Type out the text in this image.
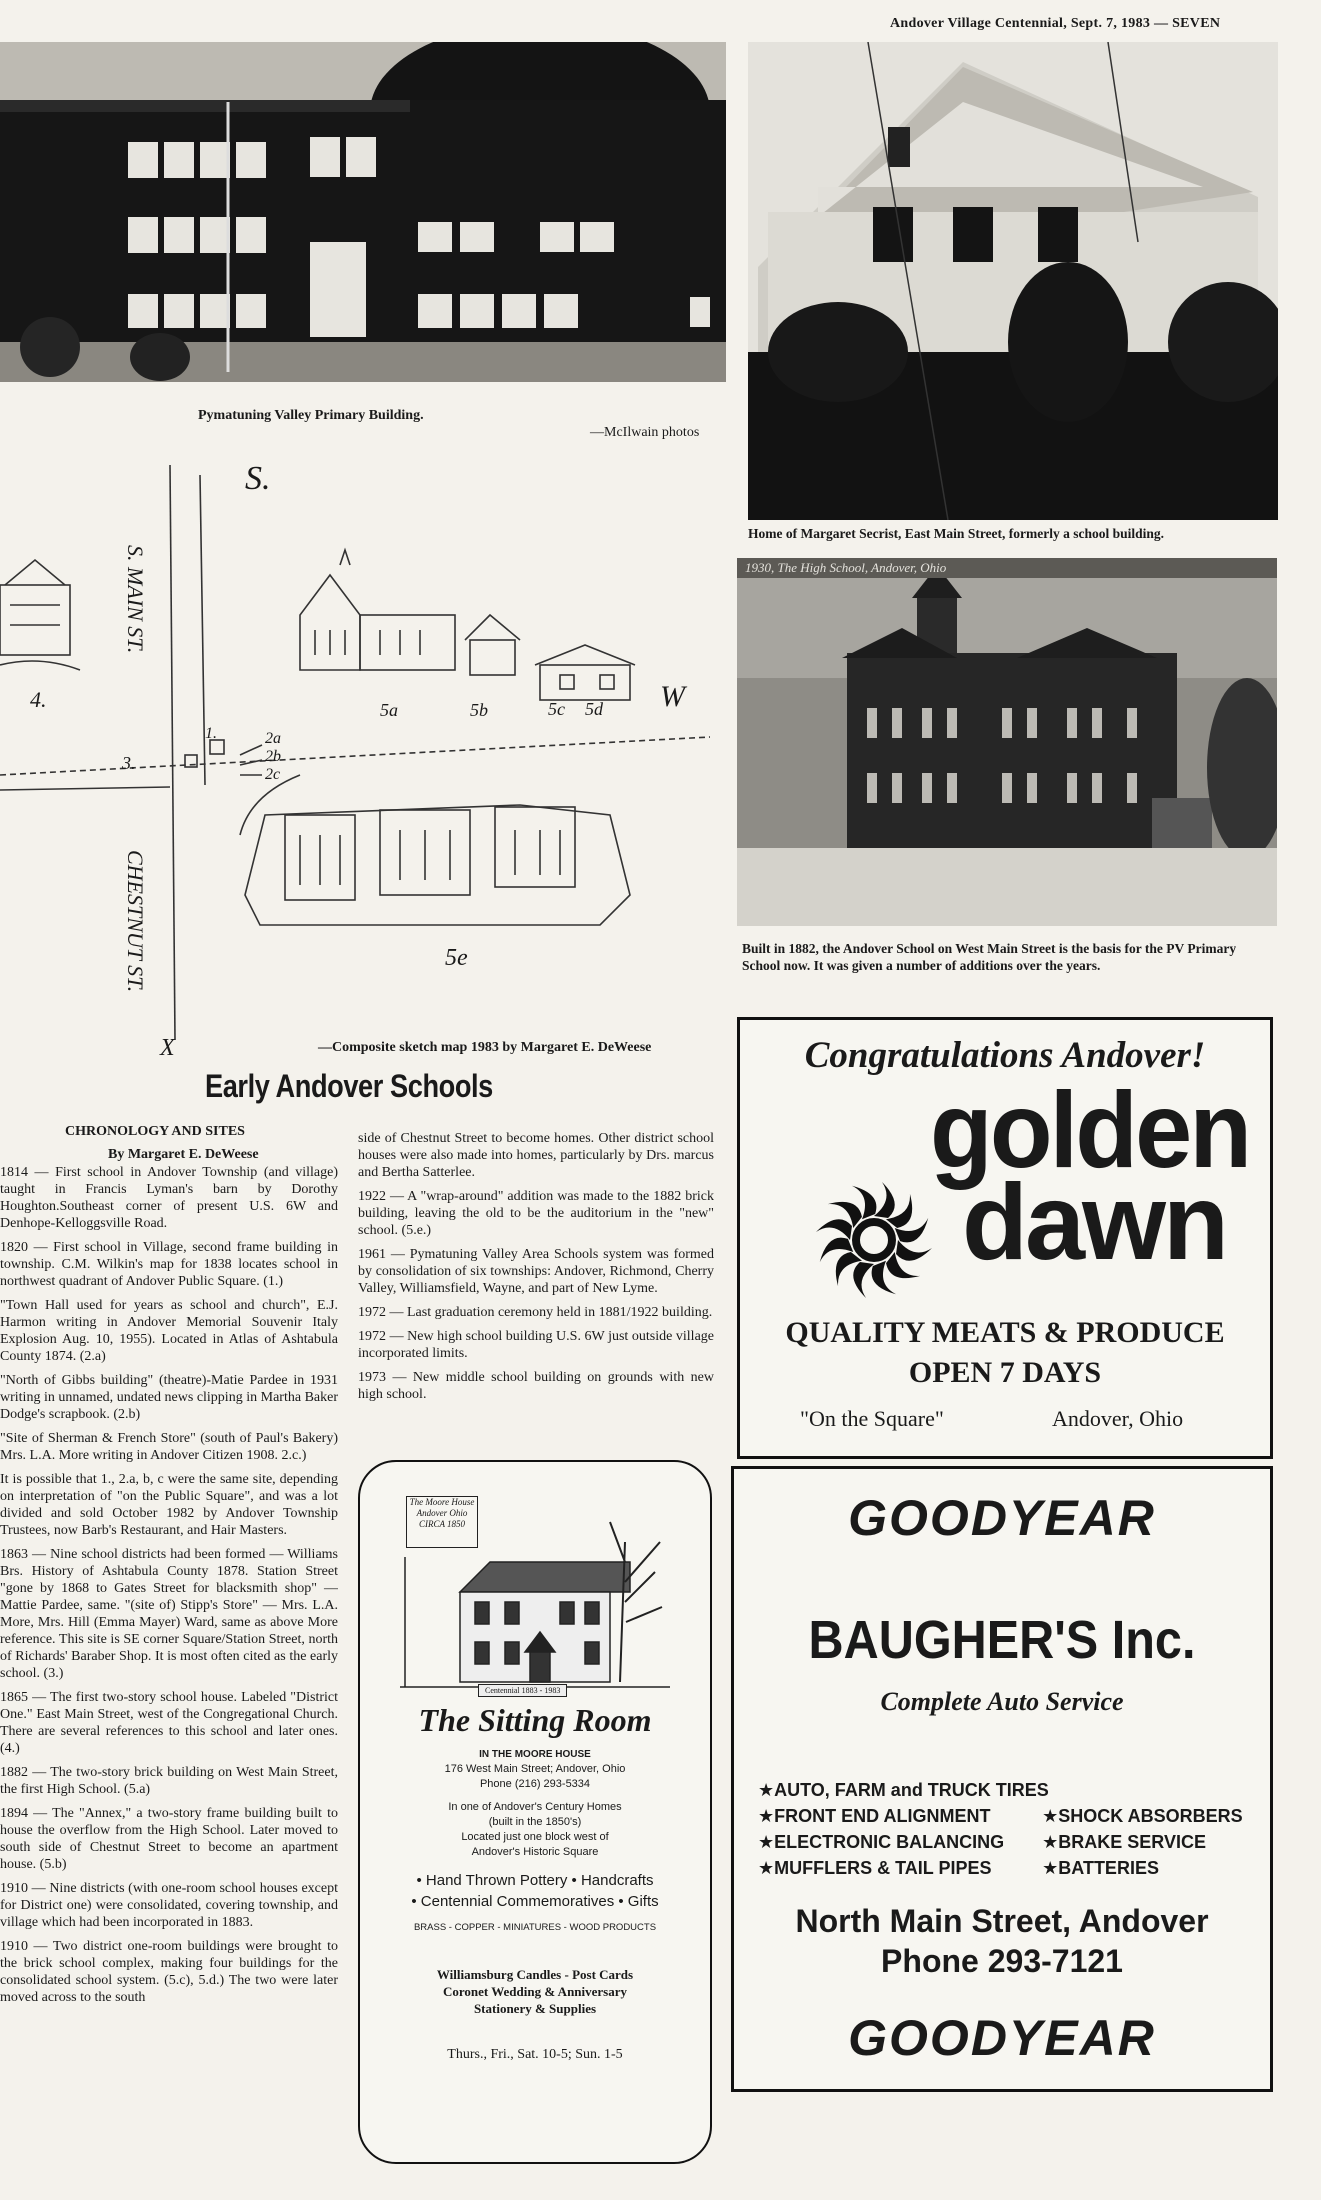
Andover Village Centennial, Sept. 7, 1983 — SEVEN
Pymatuning Valley Primary Building.
—McIlwain photos
Home of Margaret Secrist, East Main Street, formerly a school building.
1930, The High School, Andover, Ohio
Built in 1882, the Andover School on West Main Street is the basis for the PV Primary School now. It was given a number of additions over the years.
S. MAIN ST.
S.
CHESTNUT ST.
4.
3.
1.	2a
2b
2c
5a	5b	5c 5d W
5e
X	—Composite sketch map 1983 by Margaret E. DeWeese
Early Andover Schools
CHRONOLOGY AND SITES
By Margaret E. DeWeese

1814 — First school in Andover Township (and village) taught in Francis Lyman's barn by Dorothy Houghton.Southeast corner of present U.S. 6W and Denhope-Kelloggsville Road.

1820 — First school in Village, second frame building in township. C.M. Wilkin's map for 1838 locates school in northwest quadrant of Andover Public Square. (1.)

"Town Hall used for years as school and church", E.J. Harmon writing in Andover Memorial Souvenir Italy Explosion Aug. 10, 1955). Located in Atlas of Ashtabula County 1874. (2.a)

"North of Gibbs building" (theatre)-Matie Pardee in 1931 writing in unnamed, undated news clipping in Martha Baker Dodge's scrapbook. (2.b)

"Site of Sherman & French Store" (south of Paul's Bakery) Mrs. L.A. More writing in Andover Citizen 1908. 2.c.)

It is possible that 1., 2.a, b, c were the same site, depending on interpretation of "on the Public Square", and was a lot divided and sold October 1982 by Andover Township Trustees, now Barb's Restaurant, and Hair Masters.

1863 — Nine school districts had been formed — Williams Brs. History of Ashtabula County 1878. Station Street "gone by 1868 to Gates Street for blacksmith shop" — Mattie Pardee, same. "(site of) Stipp's Store" — Mrs. L.A. More, Mrs. Hill (Emma Mayer) Ward, same as above More reference. This site is SE corner Square/Station Street, north of Richards' Baraber Shop. It is most often cited as the early school. (3.)

1865 — The first two-story school house. Labeled "District One." East Main Street, west of the Congregational Church. There are several references to this school and later ones. (4.)

1882 — The two-story brick building on West Main Street, the first High School. (5.a)

1894 — The "Annex," a two-story frame building built to house the overflow from the High School. Later moved to south side of Chestnut Street to become an apartment house. (5.b)

1910 — Nine districts (with one-room school houses except for District one) were consolidated, covering township, and village which had been incorporated in 1883.

1910 — Two district one-room buildings were brought to the brick school complex, making four buildings for the consolidated school system. (5.c), 5.d.) The two were later moved across to the south

side of Chestnut Street to become homes. Other district school houses were also made into homes, particularly by Drs. marcus and Bertha Satterlee.

1922 — A "wrap-around" addition was made to the 1882 brick building, leaving the old to be the auditorium in the "new" school. (5.e.)

1961 — Pymatuning Valley Area Schools system was formed by consolidation of six townships: Andover, Richmond, Cherry Valley, Williamsfield, Wayne, and part of New Lyme.

1972 — Last graduation ceremony held in 1881/1922 building.

1972 — New high school building U.S. 6W just outside village incorporated limits.

1973 — New middle school building on grounds with new high school.

The Moore House
Andover Ohio
CIRCA 1850
Centennial 1883 - 1983
The Sitting Room
IN THE MOORE HOUSE
176 West Main Street; Andover, Ohio
Phone (216) 293-5334
In one of Andover's Century Homes
(built in the 1850's)
Located just one block west of
Andover's Historic Square
• Hand Thrown Pottery • Handcrafts
• Centennial Commemoratives • Gifts
BRASS - COPPER - MINIATURES - WOOD PRODUCTS
Williamsburg Candles - Post Cards
Coronet Wedding & Anniversary
Stationery & Supplies
Thurs., Fri., Sat. 10-5; Sun. 1-5
Congratulations Andover!
golden
dawn
QUALITY MEATS & PRODUCE
OPEN 7 DAYS
"On the Square"	Andover, Ohio
GOODYEAR
BAUGHER'S Inc.
Complete Auto Service
★AUTO, FARM and TRUCK TIRES
★FRONT END ALIGNMENT	★SHOCK ABSORBERS
★ELECTRONIC BALANCING ★BRAKE SERVICE
★MUFFLERS & TAIL PIPES	★BATTERIES
North Main Street, Andover
Phone 293-7121
GOODYEAR
